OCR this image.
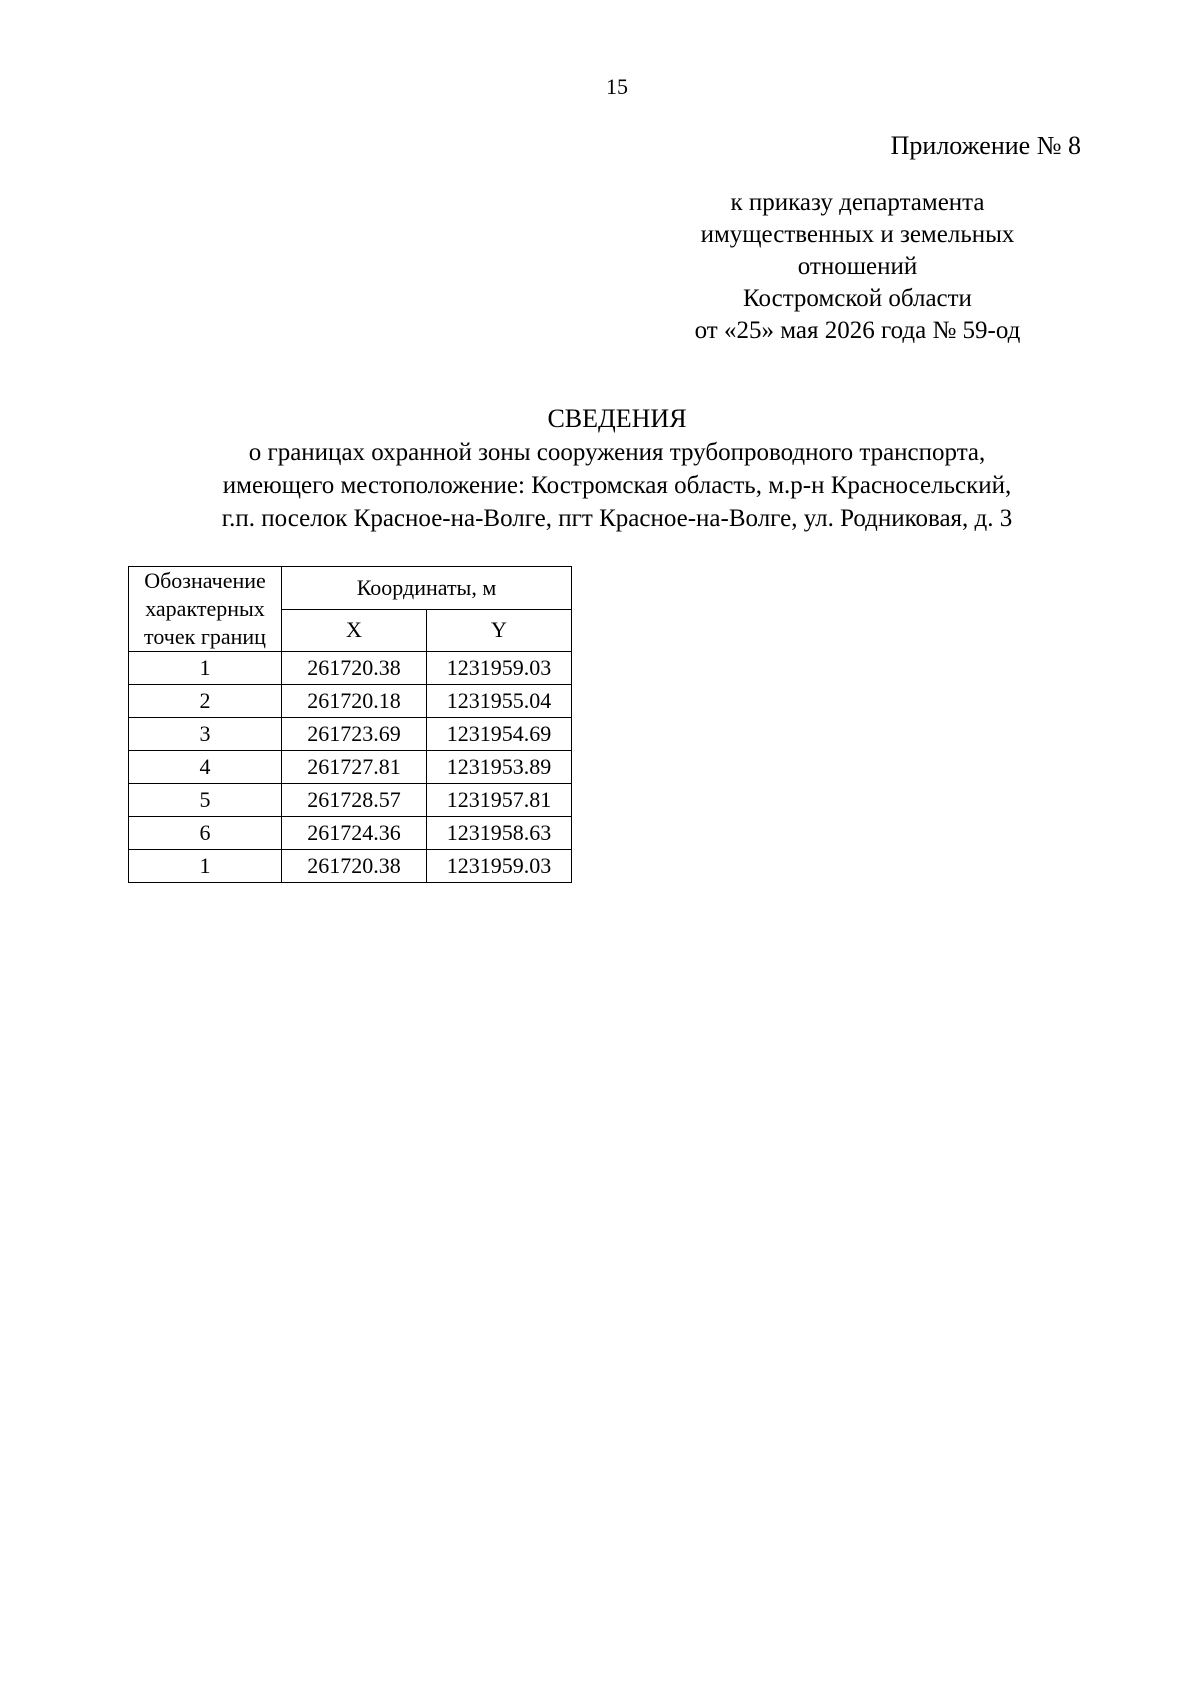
15
Приложение № 8
к приказу департамента
имущественных и земельных
отношений
Костромской области
от «25» мая 2026 года № 59-од
СВЕДЕНИЯ
о границах охранной зоны сооружения трубопроводного транспорта,
имеющего местоположение: Костромская область, м.р-н Красносельский,
г.п. поселок Красное-на-Волге, пгт Красное-на-Волге, ул. Родниковая, д. 3
Обозначение
характерных
точек границ	Координаты, м	
	X	Y
1	261720.38	1231959.03
2	261720.18	1231955.04
3	261723.69	1231954.69
4	261727.81	1231953.89
5	261728.57	1231957.81
6	261724.36	1231958.63
1	261720.38	1231959.03
